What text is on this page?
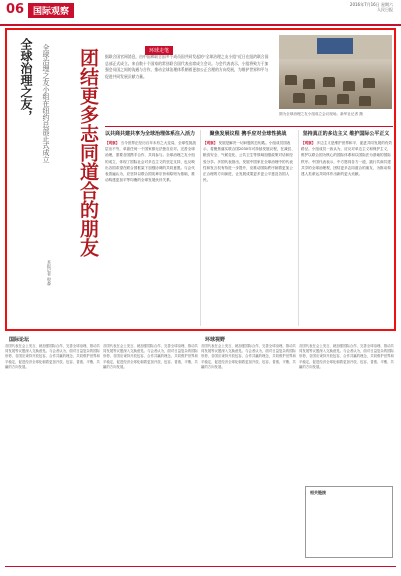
06 国际观察
2016年7月16日 星期六
人民日报
全球治理之友，	全球治理之友小组在纽约总部正式成立	团结更多志同道合的朋友
本报记者 殷森
环球走笔
据联合国官网消息，由中国和联合国多个成员国共同发起的“全球治理之友小组”近日在纽约联合国总部正式成立。来自数十个国家的常驻联合国代表出席成立会议。与会代表表示，小组将致力于加强会员国之间的沟通与合作，推动全球治理体系朝着更加公正合理的方向发展，为维护世界和平与促进共同发展贡献力量。
图为全球治理之友小组成立会议现场。新华社记者 摄
以共商共建共享为全球治理体系注入活力
【观察】 当今世界正经历百年未有之大变局，全球性挑战层出不穷，单靠任何一个国家都无法独自应对。完善全球治理，需要各国携手合作、共同参与。全球治理之友小组的成立，体现了国际社会对多边主义的坚定支持，也反映出各国希望在联合国框架下加强协调的共同意愿。与会代表普遍认为，应坚持以联合国宪章宗旨和原则为基础，推动构建更加平等均衡的全球发展伙伴关系。
聚焦发展议程 携手应对全球性挑战
【观察】 发展是解决一切问题的总钥匙。小组成员国表示，将聚焦落实联合国2030年可持续发展议程，在减贫、粮食安全、气候变化、公共卫生等领域加强政策对话和经验分享。多国代表指出，发展中国家在全球治理中的代表性和发言权有待进一步提升，应推动国际秩序朝着更加公正合理的方向演进，让发展成果更多更公平惠及各国人民。
坚持真正的多边主义 维护国际公平正义
【观察】 多边主义是维护世界和平、促进共同发展的有效路径。小组成员一致认为，应反对单边主义和保护主义，维护以联合国为核心的国际体系和以国际法为基础的国际秩序。中国代表表示，中方愿同各方一道，践行共商共建共享的全球治理观，团结更多志同道合的朋友，为推动构建人类命运共同体作出新的更大贡献。
国际论坛
各国代表在会上发言，就加强国际合作、完善全球治理、推动共同发展等议题深入交换意见。与会者认为，面对日益复杂的国际形势，各国应秉持开放包容、合作共赢的理念，共同维护世界和平稳定，促进经济全球化朝着更加开放、包容、普惠、平衡、共赢的方向发展。
各国代表在会上发言，就加强国际合作、完善全球治理、推动共同发展等议题深入交换意见。与会者认为，面对日益复杂的国际形势，各国应秉持开放包容、合作共赢的理念，共同维护世界和平稳定，促进经济全球化朝着更加开放、包容、普惠、平衡、共赢的方向发展。
环球视野
各国代表在会上发言，就加强国际合作、完善全球治理、推动共同发展等议题深入交换意见。与会者认为，面对日益复杂的国际形势，各国应秉持开放包容、合作共赢的理念，共同维护世界和平稳定，促进经济全球化朝着更加开放、包容、普惠、平衡、共赢的方向发展。
各国代表在会上发言，就加强国际合作、完善全球治理、推动共同发展等议题深入交换意见。与会者认为，面对日益复杂的国际形势，各国应秉持开放包容、合作共赢的理念，共同维护世界和平稳定，促进经济全球化朝着更加开放、包容、普惠、平衡、共赢的方向发展。
相关链接
